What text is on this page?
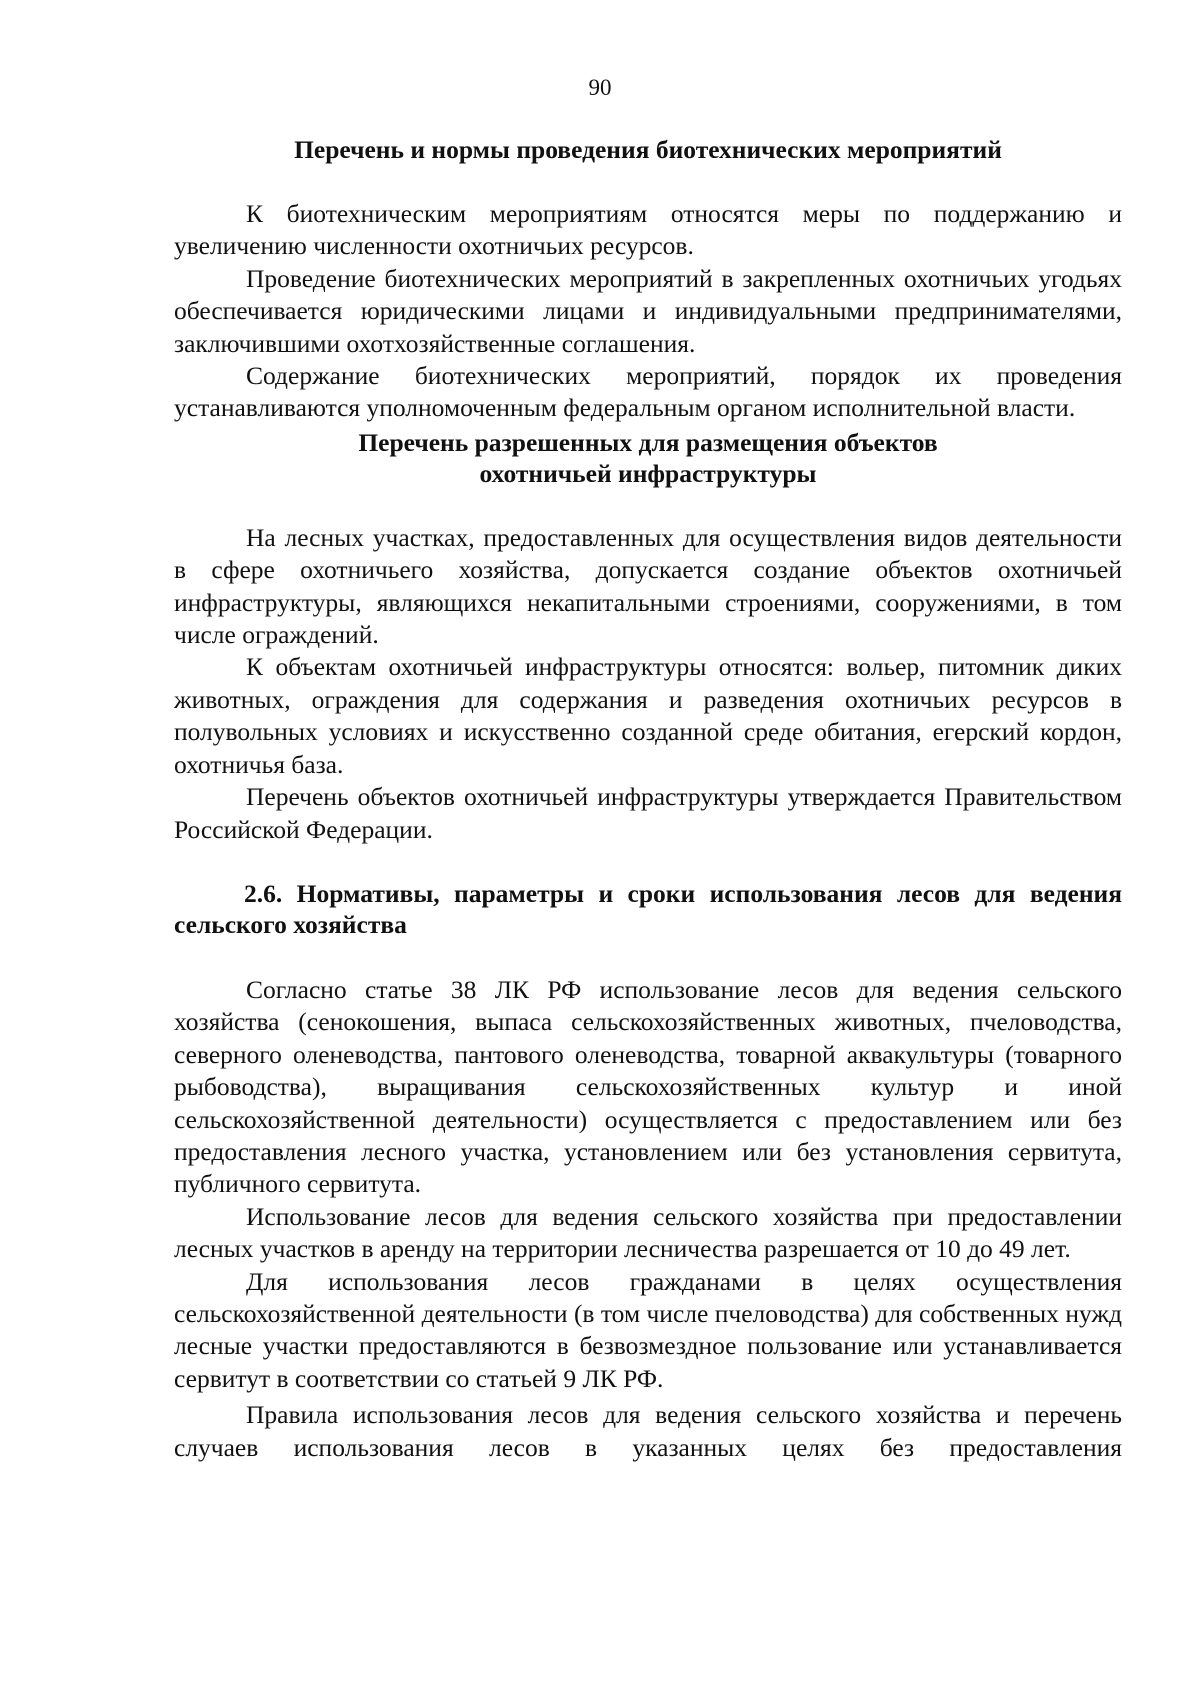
90

Перечень и нормы проведения биотехнических мероприятий

К биотехническим мероприятиям относятся меры по поддержанию и увеличению численности охотничьих ресурсов.

Проведение биотехнических мероприятий в закрепленных охотничьих угодьях обеспечивается юридическими лицами и индивидуальными предпринимателями, заключившими охотхозяйственные соглашения.

Содержание биотехнических мероприятий, порядок их проведения устанавливаются уполномоченным федеральным органом исполнительной власти.

Перечень разрешенных для размещения объектов

охотничьей инфраструктуры

На лесных участках, предоставленных для осуществления видов деятельности в сфере охотничьего хозяйства, допускается создание объектов охотничьей инфраструктуры, являющихся некапитальными строениями, сооружениями, в том числе ограждений.

К объектам охотничьей инфраструктуры относятся: вольер, питомник диких животных, ограждения для содержания и разведения охотничьих ресурсов в полувольных условиях и искусственно созданной среде обитания, егерский кордон, охотничья база.

Перечень объектов охотничьей инфраструктуры утверждается Правительством Российской Федерации.

2.6. Нормативы, параметры и сроки использования лесов для ведения сельского хозяйства

Согласно статье 38 ЛК РФ использование лесов для ведения сельского хозяйства (сенокошения, выпаса сельскохозяйственных животных, пчеловодства, северного оленеводства, пантового оленеводства, товарной аквакультуры (товарного рыбоводства), выращивания сельскохозяйственных культур и иной сельскохозяйственной деятельности) осуществляется с предоставлением или без предоставления лесного участка, установлением или без установления сервитута, публичного сервитута.

Использование лесов для ведения сельского хозяйства при предоставлении лесных участков в аренду на территории лесничества разрешается от 10 до 49 лет.

Для использования лесов гражданами в целях осуществления сельскохозяйственной деятельности (в том числе пчеловодства) для собственных нужд лесные участки предоставляются в безвозмездное пользование или устанавливается сервитут в соответствии со статьей 9 ЛК РФ.

Правила использования лесов для ведения сельского хозяйства и перечень случаев использования лесов в указанных целях без предоставления
